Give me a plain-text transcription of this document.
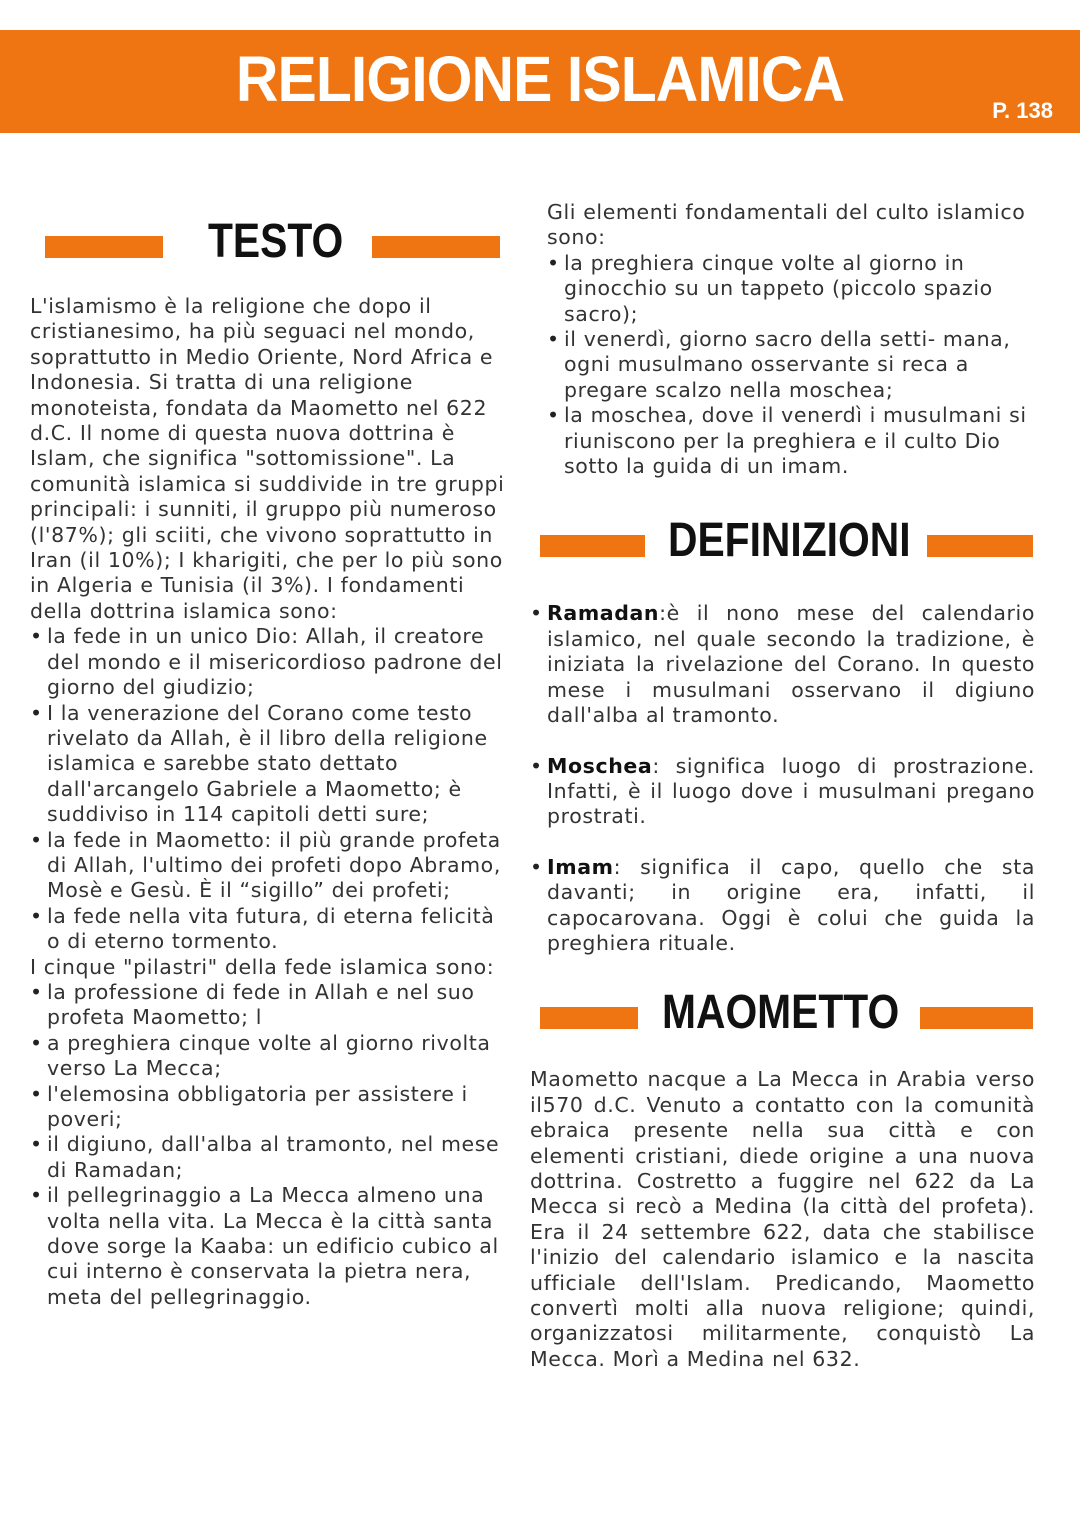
RELIGIONE ISLAMICA	P. 138
TESTO

L'islamismo è la religione che dopo il cristianesimo, ha più seguaci nel mondo, soprattutto in Medio Oriente, Nord Africa e Indonesia. Si tratta di una religione monoteista, fondata da Maometto nel 622 d.C. Il nome di questa nuova dottrina è Islam, che significa "sottomissione". La comunità islamica si suddivide in tre gruppi principali: i sunniti, il gruppo più numeroso (l'87%); gli sciiti, che vivono soprattutto in Iran (il 10%); I kharigiti, che per lo più sono in Algeria e Tunisia (il 3%). I fondamenti della dottrina islamica sono:

• la fede in un unico Dio: Allah, il creatore del mondo e il misericordioso padrone del giorno del giudizio;
• I la venerazione del Corano come testo rivelato da Allah, è il libro della religione islamica e sarebbe stato dettato dall'arcangelo Gabriele a Maometto; è suddiviso in 114 capitoli detti sure;
• la fede in Maometto: il più grande profeta di Allah, l'ultimo dei profeti dopo Abramo, Mosè e Gesù. È il “sigillo” dei profeti;
• la fede nella vita futura, di eterna felicità o di eterno tormento.

I cinque "pilastri" della fede islamica sono:

• la professione di fede in Allah e nel suo profeta Maometto; l
• a preghiera cinque volte al giorno rivolta verso La Mecca;
• l'elemosina obbligatoria per assistere i poveri;
• il digiuno, dall'alba al tramonto, nel mese di Ramadan;
• il pellegrinaggio a La Mecca almeno una volta nella vita. La Mecca è la città santa dove sorge la Kaaba: un edificio cubico al cui interno è conservata la pietra nera, meta del pellegrinaggio.

Gli elementi fondamentali del culto islamico sono:

• la preghiera cinque volte al giorno in ginocchio su un tappeto (piccolo spazio sacro);
• il venerdì, giorno sacro della setti- mana, ogni musulmano osservante si reca a pregare scalzo nella moschea;
• la moschea, dove il venerdì i musulmani si riuniscono per la preghiera e il culto Dio sotto la guida di un imam.
DEFINIZIONI
• Ramadan:è il nono mese del calendario islamico, nel quale secondo la tradizione, è iniziata la rivelazione del Corano. In questo mese i musulmani osservano il digiuno dall'alba al tramonto.
• Moschea: significa luogo di prostrazione. Infatti, è il luogo dove i musulmani pregano prostrati.
• Imam: significa il capo, quello che sta davanti; in origine era, infatti, il capocarovana. Oggi è colui che guida la preghiera rituale.
MAOMETTO

Maometto nacque a La Mecca in Arabia verso il570 d.C. Venuto a contatto con la comunità ebraica presente nella sua città e con elementi cristiani, diede origine a una nuova dottrina. Costretto a fuggire nel 622 da La Mecca si recò a Medina (la città del profeta). Era il 24 settembre 622, data che stabilisce l'inizio del calendario islamico e la nascita ufficiale dell'Islam. Predicando, Maometto convertì molti alla nuova religione; quindi, organizzatosi militarmente, conquistò La Mecca. Morì a Medina nel 632.
